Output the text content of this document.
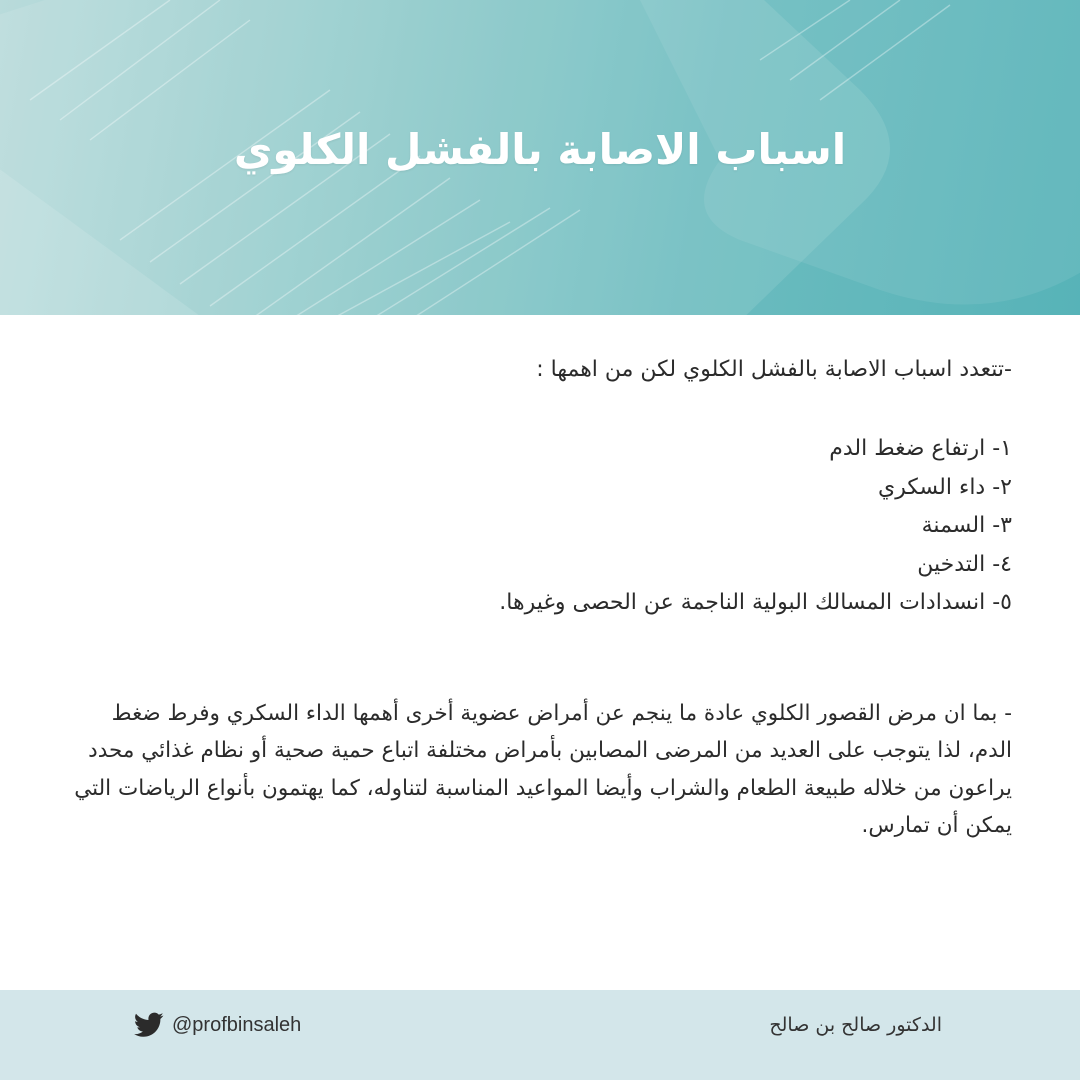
اسباب الاصابة بالفشل الكلوي

-تتعدد اسباب الاصابة بالفشل الكلوي لكن من اهمها :

١- ارتفاع ضغط الدم
٢- داء السكري
٣- السمنة
٤- التدخين
٥- انسدادات المسالك البولية الناجمة عن الحصى وغيرها.

- بما ان مرض القصور الكلوي عادة ما ينجم عن أمراض عضوية أخرى أهمها الداء السكري وفرط ضغط الدم، لذا يتوجب على العديد من المرضى المصابين بأمراض مختلفة اتباع حمية صحية أو نظام غذائي محدد يراعون من خلاله طبيعة الطعام والشراب وأيضا المواعيد المناسبة لتناوله، كما يهتمون بأنواع الرياضات التي يمكن أن تمارس.

@profbinsaleh	الدكتور صالح بن صالح
